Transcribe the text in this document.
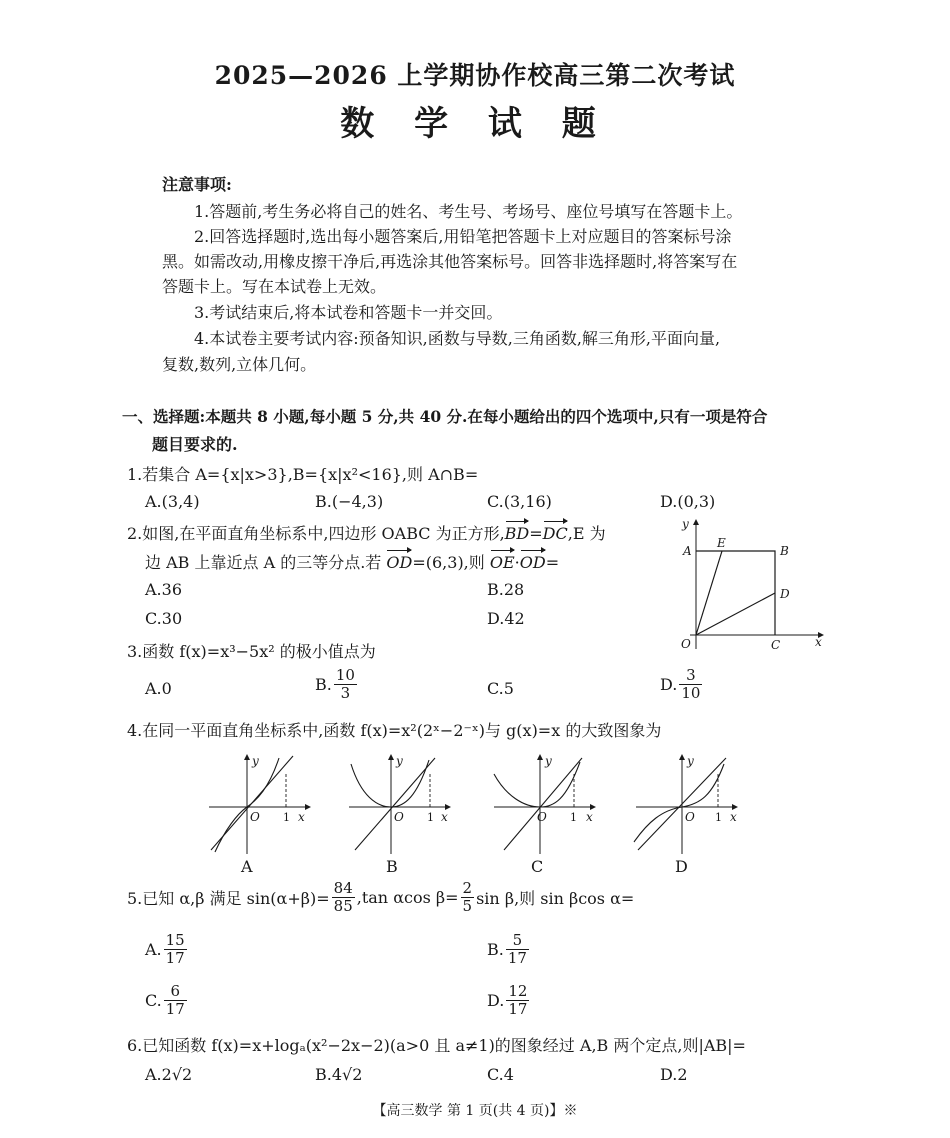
2025—2026 上学期协作校高三第二次考试
数 学 试 题
注意事项:
1.答题前,考生务必将自己的姓名、考生号、考场号、座位号填写在答题卡上。
2.回答选择题时,选出每小题答案后,用铅笔把答题卡上对应题目的答案标号涂
黑。如需改动,用橡皮擦干净后,再选涂其他答案标号。回答非选择题时,将答案写在
答题卡上。写在本试卷上无效。
3.考试结束后,将本试卷和答题卡一并交回。
4.本试卷主要考试内容:预备知识,函数与导数,三角函数,解三角形,平面向量,
复数,数列,立体几何。
一、选择题:本题共 8 小题,每小题 5 分,共 40 分.在每小题给出的四个选项中,只有一项是符合
题目要求的.
1.若集合 A={x|x>3},B={x|x²<16},则 A∩B=
A.(3,4)	B.(−4,3)	C.(3,16)	D.(0,3)
2.如图,在平面直角坐标系中,四边形 OABC 为正方形,BD=DC,E 为
边 AB 上靠近点 A 的三等分点.若 OD=(6,3),则 OE·OD=
A.36	B.28
C.30	D.42
y
x
O
A
E
B
D
C
3.函数 f(x)=x³−5x² 的极小值点为
A.0	B. $\frac{10}{3}$	C.5	D. $\frac{3}{10}$
4.在同一平面直角坐标系中,函数 f(x)=x²(2ˣ−2⁻ˣ)与 g(x)=x 的大致图象为
O 1 x
y
A
O 1 x
y
B
O 1 x
y
C
O 1 x
y
D
5.已知 α,β 满足 $\sin(\alpha+\beta)= \frac{84}{85} ,\tan$ αcos $\beta= \frac{2}{5}$ sin β,则 sin βcos α=
A. $\frac{15}{17}$	B. $\frac{5}{17}$
C. $\frac{6}{17}$	D. $\frac{12}{17}$
6.已知函数 f(x)=x+logₐ(x²−2x−2)(a>0 且 a≠1)的图象经过 A,B 两个定点,则|AB|=
A.2√2	B.4√2	C.4	D.2
【高三数学 第 1 页(共 4 页)】※
